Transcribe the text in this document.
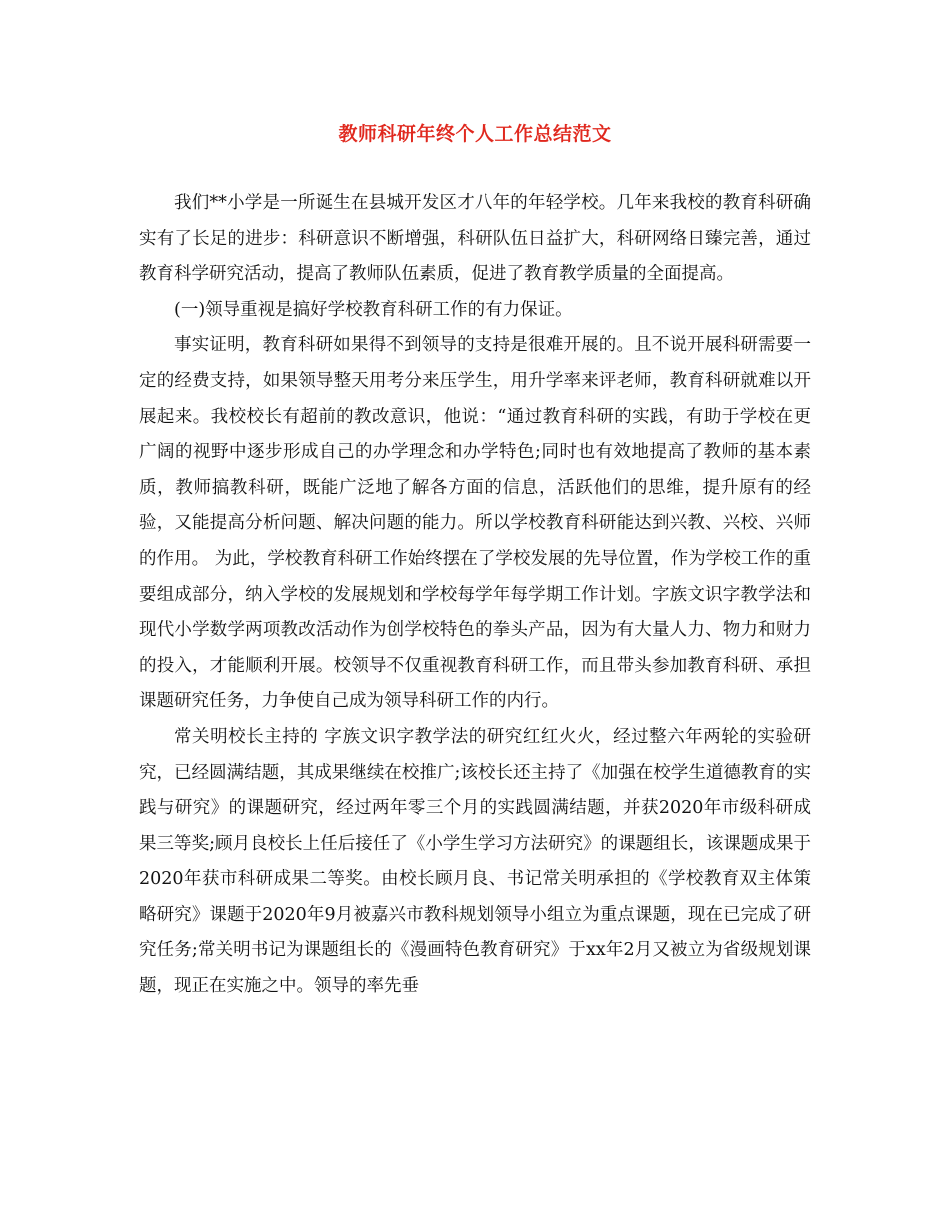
教师科研年终个人工作总结范文

我们**小学是一所诞生在县城开发区才八年的年轻学校。几年来我校的教育科研确实有了长足的进步：科研意识不断增强，科研队伍日益扩大，科研网络日臻完善，通过教育科学研究活动，提高了教师队伍素质，促进了教育教学质量的全面提高。

(一)领导重视是搞好学校教育科研工作的有力保证。

事实证明，教育科研如果得不到领导的支持是很难开展的。且不说开展科研需要一定的经费支持，如果领导整天用考分来压学生，用升学率来评老师，教育科研就难以开展起来。我校校长有超前的教改意识，他说：“通过教育科研的实践，有助于学校在更广阔的视野中逐步形成自己的办学理念和办学特色;同时也有效地提高了教师的基本素质，教师搞教科研，既能广泛地了解各方面的信息，活跃他们的思维，提升原有的经验，又能提高分析问题、解决问题的能力。所以学校教育科研能达到兴教、兴校、兴师的作用。 为此，学校教育科研工作始终摆在了学校发展的先导位置，作为学校工作的重要组成部分，纳入学校的发展规划和学校每学年每学期工作计划。字族文识字教学法和现代小学数学两项教改活动作为创学校特色的拳头产品，因为有大量人力、物力和财力的投入，才能顺利开展。校领导不仅重视教育科研工作，而且带头参加教育科研、承担课题研究任务，力争使自己成为领导科研工作的内行。

常关明校长主持的 字族文识字教学法的研究红红火火，经过整六年两轮的实验研究，已经圆满结题，其成果继续在校推广;该校长还主持了《加强在校学生道德教育的实践与研究》的课题研究，经过两年零三个月的实践圆满结题，并获2020年市级科研成果三等奖;顾月良校长上任后接任了《小学生学习方法研究》的课题组长，该课题成果于2020年获市科研成果二等奖。由校长顾月良、书记常关明承担的《学校教育双主体策略研究》课题于2020年9月被嘉兴市教科规划领导小组立为重点课题，现在已完成了研究任务;常关明书记为课题组长的《漫画特色教育研究》于xx年2月又被立为省级规划课题，现正在实施之中。领导的率先垂
